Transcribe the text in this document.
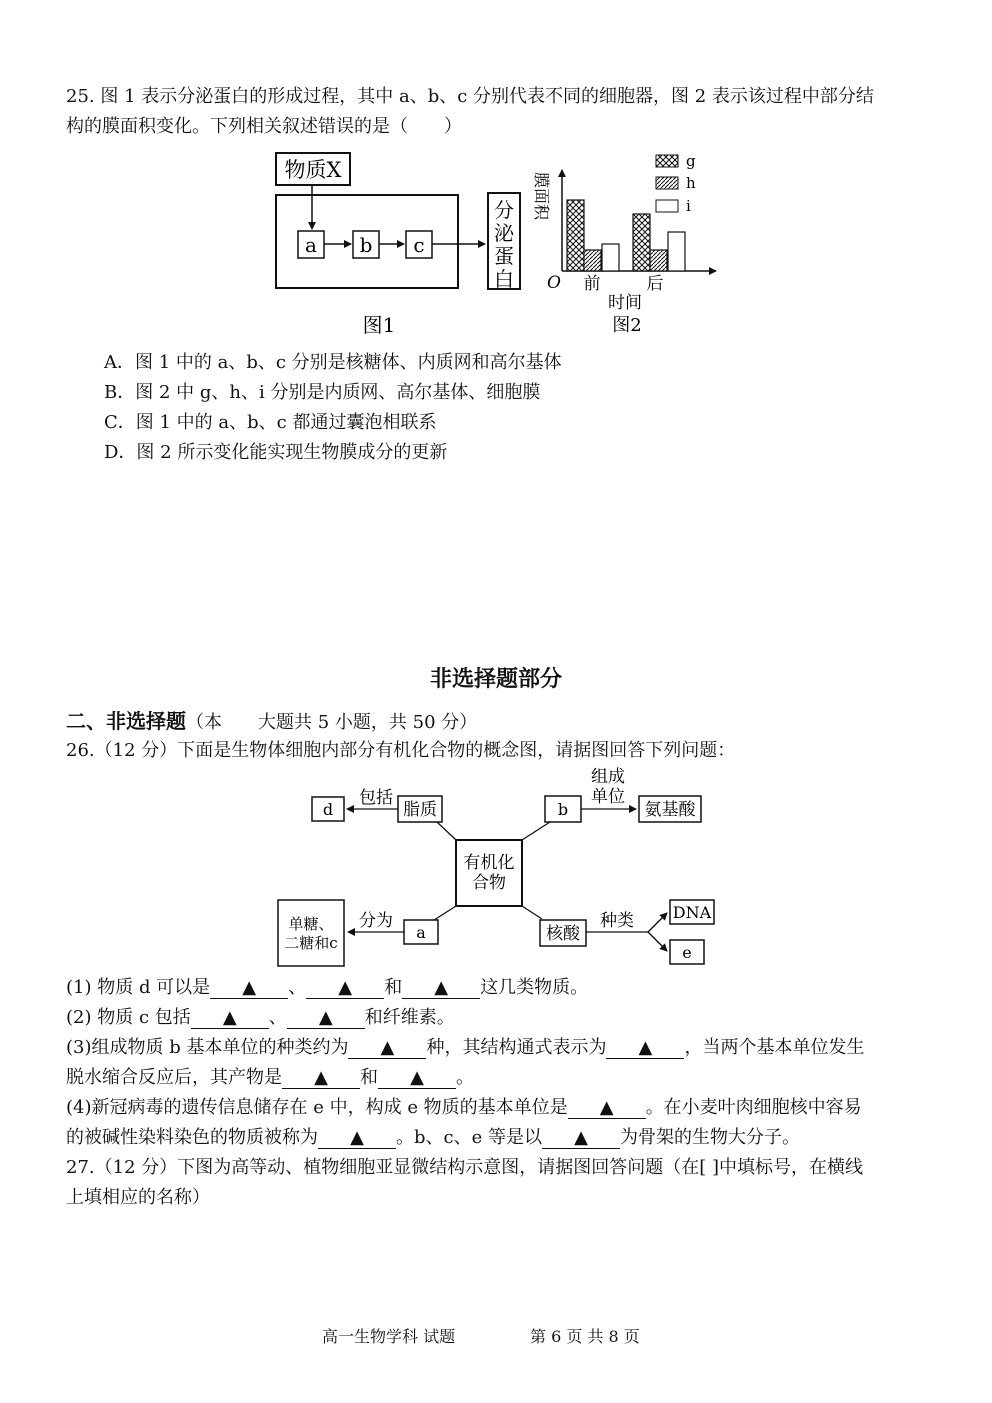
25. 图 1 表示分泌蛋白的形成过程，其中 a、b、c 分别代表不同的细胞器，图 2 表示该过程中部分结
构的膜面积变化。下列相关叙述错误的是（　　）
物质X
a b c
分
泌
蛋
白
图1
膜面积
O 前	后
时间
图2
g
h
i
A．图 1 中的 a、b、c 分别是核糖体、内质网和高尔基体
B．图 2 中 g、h、i 分别是内质网、高尔基体、细胞膜
C．图 1 中的 a、b、c 都通过囊泡相联系
D．图 2 所示变化能实现生物膜成分的更新
非选择题部分
二、非选择题（本　　大题共 5 小题，共 50 分）
26.（12 分）下面是生物体细胞内部分有机化合物的概念图，请据图回答下列问题：
有机化
合物
脂质
包括
d	b
组成
单位
氨基酸
a
分为
单糖、
二糖和c	核酸
种类 DNA
e
(1) 物质 d 可以是 ▲ 、 ▲ 和 ▲ 这几类物质。
(2) 物质 c 包括 ▲ 、 ▲ 和纤维素。
(3)组成物质 b 基本单位的种类约为 ▲ 种，其结构通式表示为 ▲ ，当两个基本单位发生
脱水缩合反应后，其产物是 ▲ 和 ▲ 。
(4)新冠病毒的遗传信息储存在 e 中，构成 e 物质的基本单位是 ▲ 。在小麦叶肉细胞核中容易
的被碱性染料染色的物质被称为 ▲ 。b、c、e 等是以 ▲ 为骨架的生物大分子。
27.（12 分）下图为高等动、植物细胞亚显微结构示意图，请据图回答问题（在[ ]中填标号，在横线
上填相应的名称）
高一生物学科 试题	第 6 页 共 8 页
